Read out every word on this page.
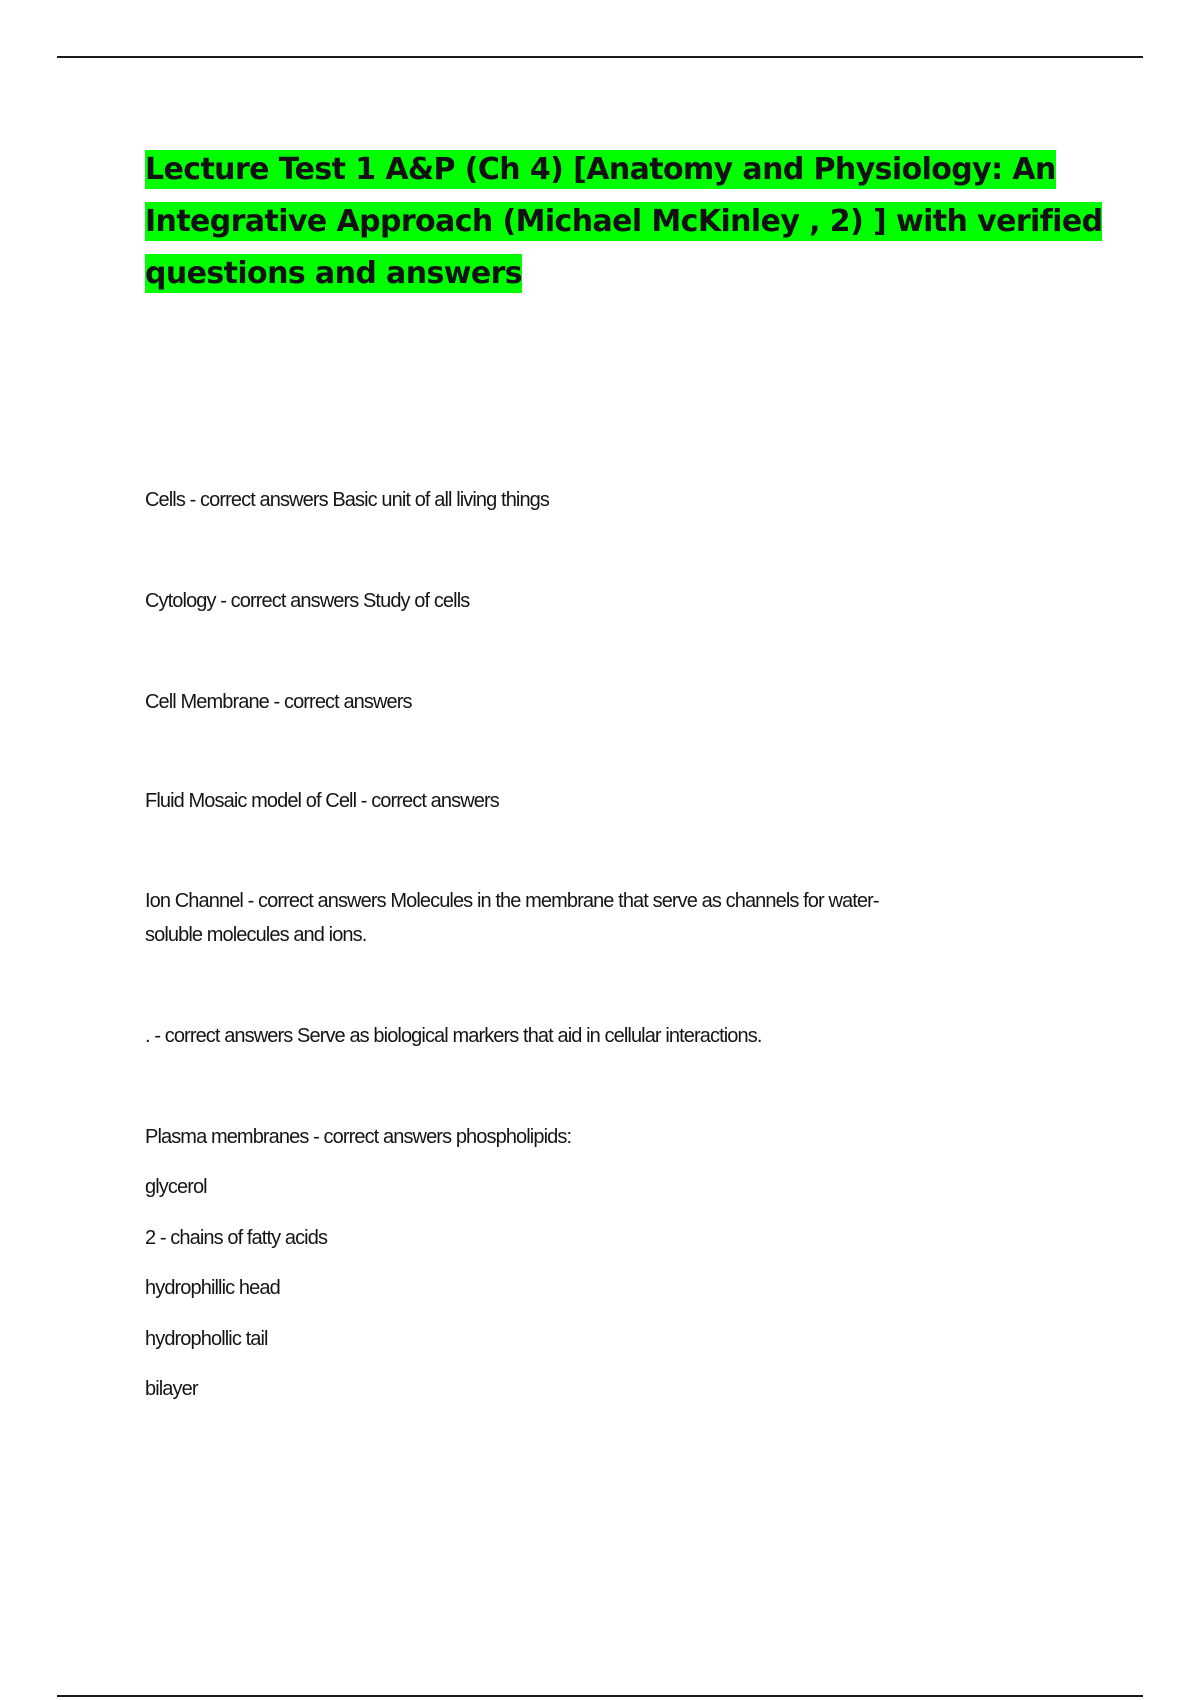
Lecture Test 1 A&P (Ch 4) [Anatomy and Physiology: An
Integrative Approach (Michael McKinley , 2) ] with verified
questions and answers

Cells - correct answers Basic unit of all living things

Cytology - correct answers Study of cells

Cell Membrane - correct answers

Fluid Mosaic model of Cell - correct answers

Ion Channel - correct answers Molecules in the membrane that serve as channels for water-
soluble molecules and ions.

. - correct answers Serve as biological markers that aid in cellular interactions.

Plasma membranes - correct answers phospholipids:

glycerol

2 - chains of fatty acids

hydrophillic head

hydrophollic tail

bilayer
